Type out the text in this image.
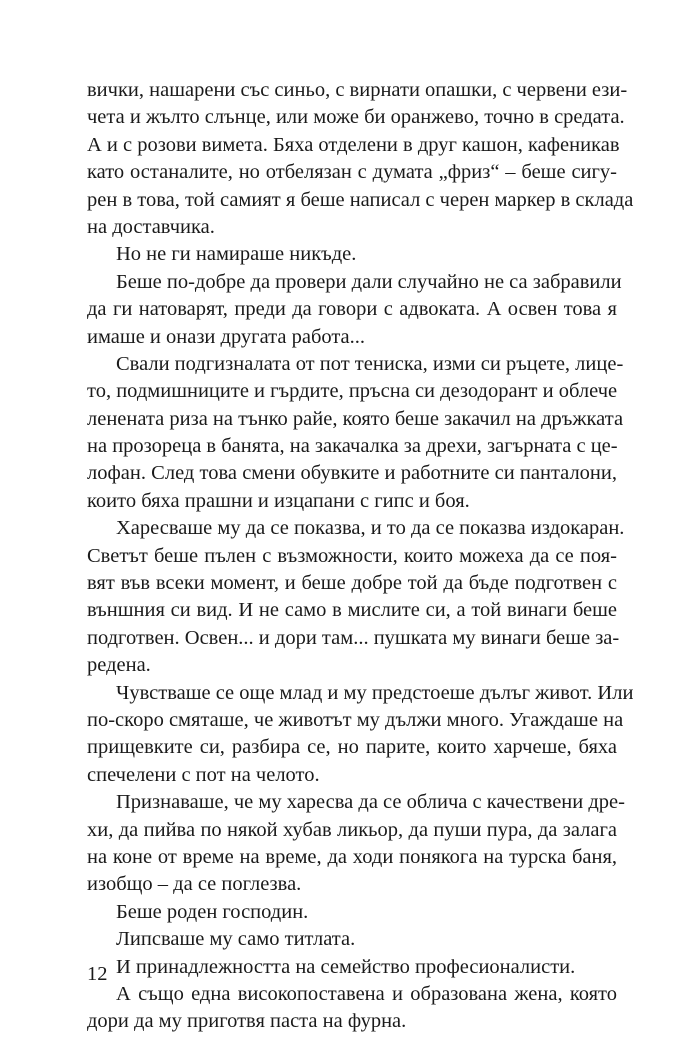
вички, нашарени със синьо, с вирнати опашки, с червени ези-
чета и жълто слънце, или може би оранжево, точно в средата.
А и с розови вимета. Бяха отделени в друг кашон, кафеникав
като останалите, но отбелязан с думата „фриз“ – беше сигу-
рен в това, той самият я беше написал с черен маркер в склада
на доставчика.
Но не ги намираше никъде.
Беше по-добре да провери дали случайно не са забравили
да ги натоварят, преди да говори с адвоката. А освен това я
имаше и онази другата работа...
Свали подгизналата от пот тениска, изми си ръцете, лице-
то, подмишниците и гърдите, пръсна си дезодорант и облече
ленената риза на тънко райе, която беше закачил на дръжката
на прозореца в банята, на закачалка за дрехи, загърната с це-
лофан. След това смени обувките и работните си панталони,
които бяха прашни и изцапани с гипс и боя.
Харесваше му да се показва, и то да се показва издокаран.
Светът беше пълен с възможности, които можеха да се поя-
вят във всеки момент, и беше добре той да бъде подготвен с
външния си вид. И не само в мислите си, а той винаги беше
подготвен. Освен... и дори там... пушката му винаги беше за-
редена.
Чувстваше се още млад и му предстоеше дълъг живот. Или
по-скоро смяташе, че животът му дължи много. Угаждаше на
прищевките си, разбира се, но парите, които харчеше, бяха
спечелени с пот на челото.
Признаваше, че му харесва да се облича с качествени дре-
хи, да пийва по някой хубав ликьор, да пуши пура, да залага
на коне от време на време, да ходи понякога на турска баня,
изобщо – да се поглезва.
Беше роден господин.
Липсваше му само титлата.
И принадлежността на семейство професионалисти.
А също една високопоставена и образована жена, която
дори да му приготвя паста на фурна.
12
